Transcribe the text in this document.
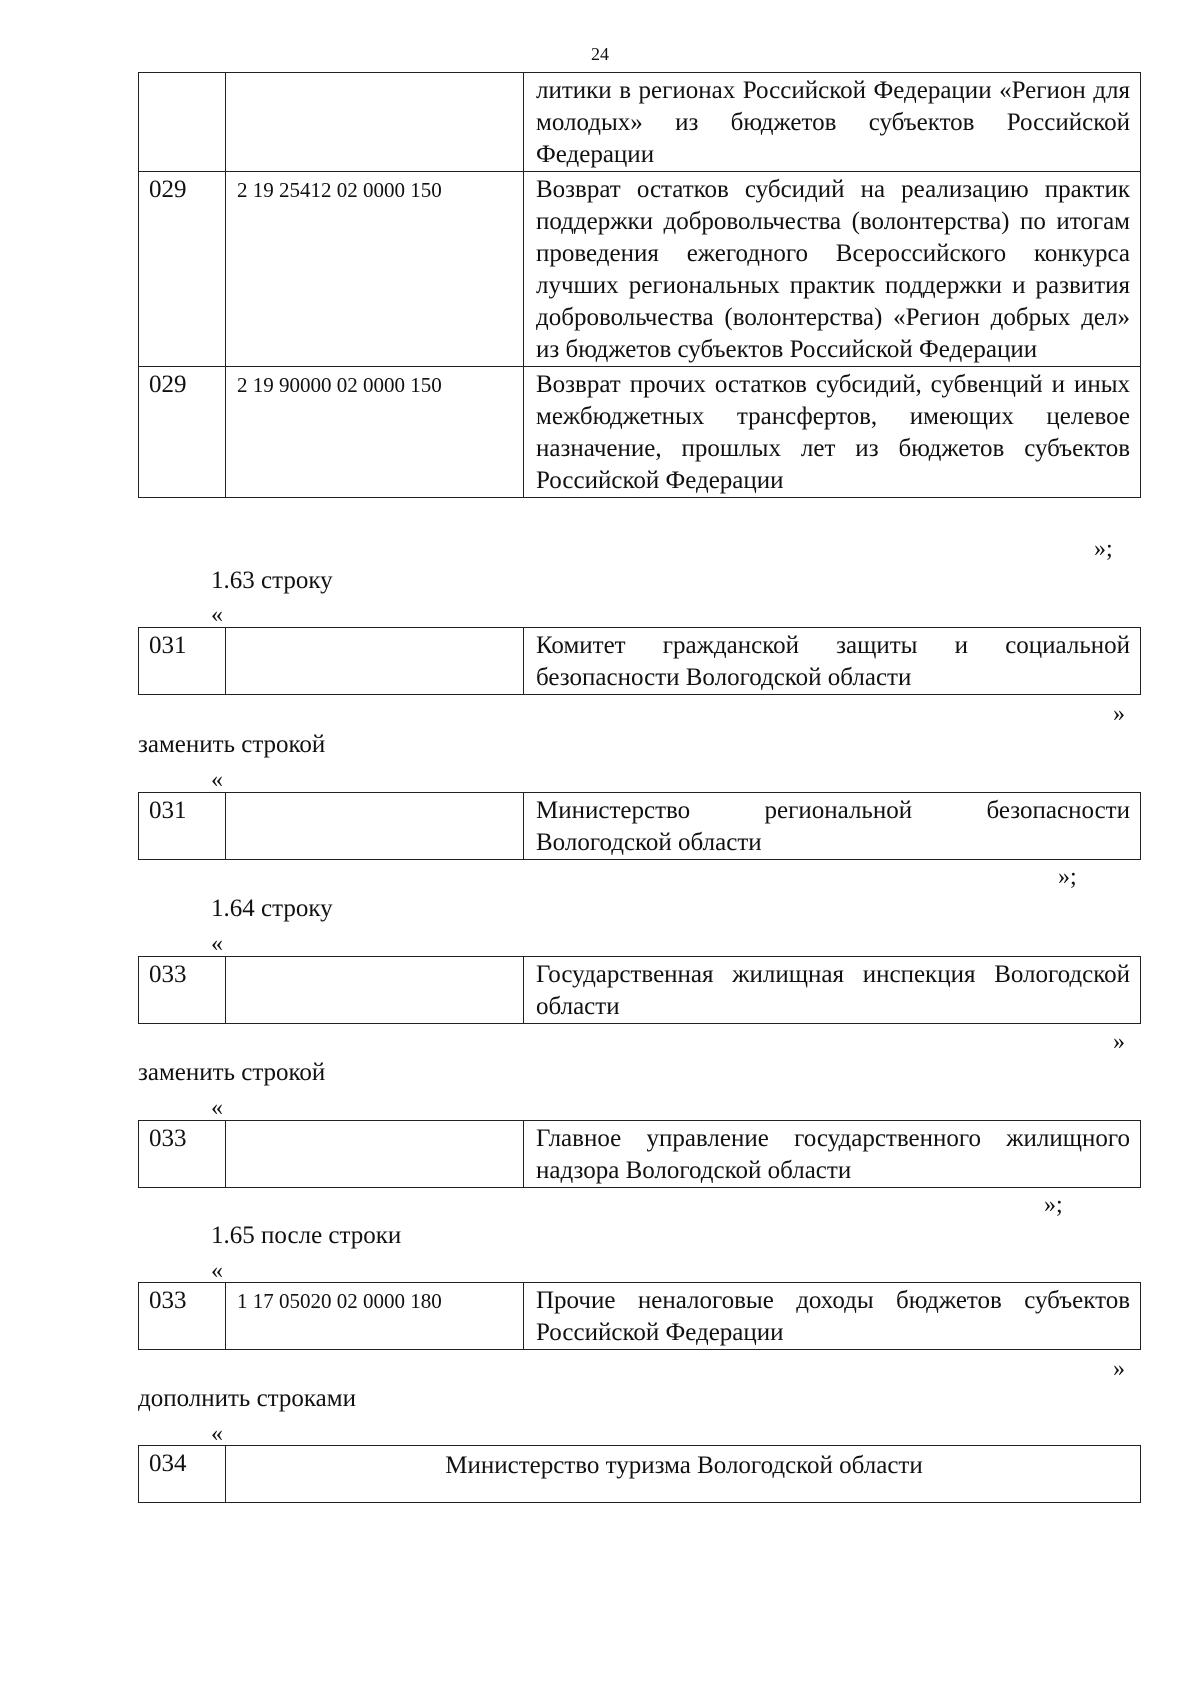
24
		литики в регионах Российской Федерации «Регион для молодых» из бюджетов субъектов Российской Федерации
029	2 19 25412 02 0000 150	Возврат остатков субсидий на реализацию практик поддержки добровольчества (волонтерства) по итогам проведения ежегодного Всероссийского конкурса лучших региональных практик поддержки и развития добровольчества (волонтерства) «Регион добрых дел» из бюджетов субъектов Российской Федерации
029	2 19 90000 02 0000 150	Возврат прочих остатков субсидий, субвенций и иных межбюджетных трансфертов, имеющих целевое назначение, прошлых лет из бюджетов субъектов Российской Федерации
»;
1.63 строку
«
031		Комитет гражданской защиты и социальной безопасности Вологодской области
»
заменить строкой
«
031		Министерство региональной безопасности Вологодской области
»;
1.64 строку
«
033		Государственная жилищная инспекция Вологодской области
»
заменить строкой
«
033		Главное управление государственного жилищного надзора Вологодской области
»;
1.65 после строки
«
033	1 17 05020 02 0000 180	Прочие неналоговые доходы бюджетов субъектов Российской Федерации
»
дополнить строками
«
034	Министерство туризма Вологодской области
